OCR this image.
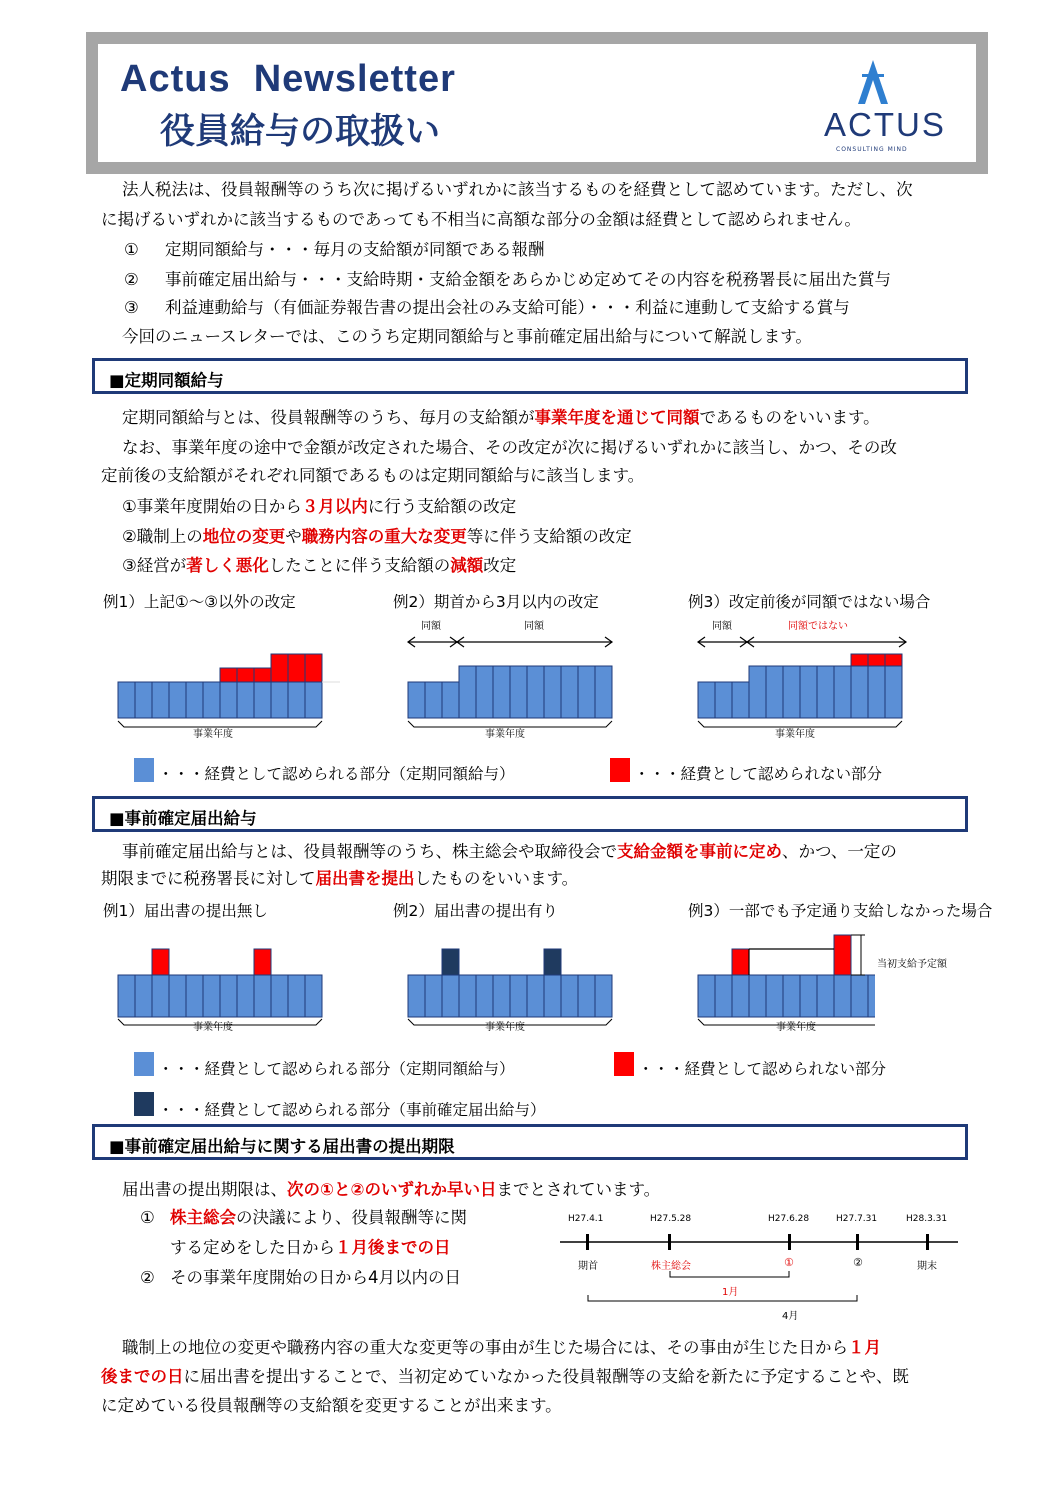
Actus  Newsletter
役員給与の取扱い	ACTUS
CONSULTING MIND
法人税法は、役員報酬等のうち次に掲げるいずれかに該当するものを経費として認めています。ただし、次
に掲げるいずれかに該当するものであっても不相当に高額な部分の金額は経費として認められません。
① 定期同額給与・・・毎月の支給額が同額である報酬
② 事前確定届出給与・・・支給時期・支給金額をあらかじめ定めてその内容を税務署長に届出た賞与
③ 利益連動給与（有価証券報告書の提出会社のみ支給可能）・・・利益に連動して支給する賞与
今回のニュースレターでは、このうち定期同額給与と事前確定届出給与について解説します。
■定期同額給与
定期同額給与とは、役員報酬等のうち、毎月の支給額が事業年度を通じて同額であるものをいいます。
なお、事業年度の途中で金額が改定された場合、その改定が次に掲げるいずれかに該当し、かつ、その改
定前後の支給額がそれぞれ同額であるものは定期同額給与に該当します。
①事業年度開始の日から３月以内に行う支給額の改定
②職制上の地位の変更や職務内容の重大な変更等に伴う支給額の改定
③経営が著しく悪化したことに伴う支給額の減額改定
例1）上記①～③以外の改定	例2）期首から3月以内の改定	例3）改定前後が同額ではない場合
同額	同額	同額	同額ではない
事業年度	事業年度	事業年度
・・・経費として認められる部分（定期同額給与）	・・・経費として認められない部分
■事前確定届出給与
事前確定届出給与とは、役員報酬等のうち、株主総会や取締役会で支給金額を事前に定め、かつ、一定の
期限までに税務署長に対して届出書を提出したものをいいます。
例1）届出書の提出無し	例2）届出書の提出有り	例3）一部でも予定通り支給しなかった場合
当初支給予定額
事業年度	事業年度	事業年度
・・・経費として認められる部分（定期同額給与）	・・・経費として認められない部分
・・・経費として認められる部分（事前確定届出給与）
■事前確定届出給与に関する届出書の提出期限
届出書の提出期限は、次の①と②のいずれか早い日までとされています。
① 株主総会の決議により、役員報酬等に関
する定めをした日から１月後までの日
② その事業年度開始の日から4月以内の日
H27.4.1	H27.5.28	H27.6.28	H27.7.31	H28.3.31
期首	株主総会	①	②	期末
1月
4月
職制上の地位の変更や職務内容の重大な変更等の事由が生じた場合には、その事由が生じた日から１月
後までの日に届出書を提出することで、当初定めていなかった役員報酬等の支給を新たに予定することや、既
に定めている役員報酬等の支給額を変更することが出来ます。
